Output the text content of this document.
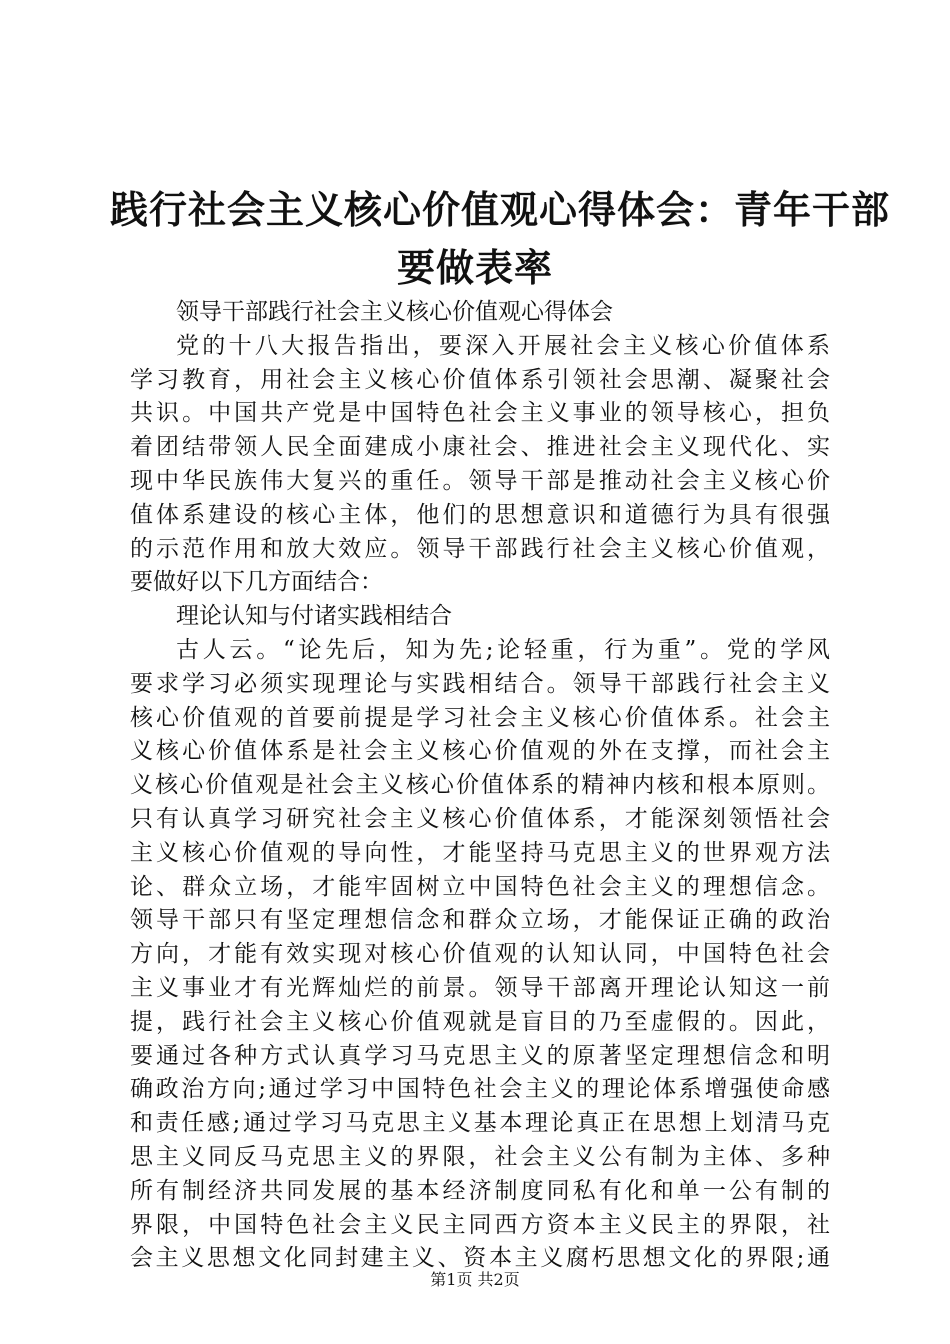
践行社会主义核心价值观心得体会：青年干部
要做表率
领导干部践行社会主义核心价值观心得体会
党的十八大报告指出，要深入开展社会主义核心价值体系
学习教育，用社会主义核心价值体系引领社会思潮、凝聚社会
共识。中国共产党是中国特色社会主义事业的领导核心，担负
着团结带领人民全面建成小康社会、推进社会主义现代化、实
现中华民族伟大复兴的重任。领导干部是推动社会主义核心价
值体系建设的核心主体，他们的思想意识和道德行为具有很强
的示范作用和放大效应。领导干部践行社会主义核心价值观，
要做好以下几方面结合：
理论认知与付诸实践相结合
古人云。“论先后，知为先;论轻重，行为重”。党的学风
要求学习必须实现理论与实践相结合。领导干部践行社会主义
核心价值观的首要前提是学习社会主义核心价值体系。社会主
义核心价值体系是社会主义核心价值观的外在支撑，而社会主
义核心价值观是社会主义核心价值体系的精神内核和根本原则。
只有认真学习研究社会主义核心价值体系，才能深刻领悟社会
主义核心价值观的导向性，才能坚持马克思主义的世界观方法
论、群众立场，才能牢固树立中国特色社会主义的理想信念。
领导干部只有坚定理想信念和群众立场，才能保证正确的政治
方向，才能有效实现对核心价值观的认知认同，中国特色社会
主义事业才有光辉灿烂的前景。领导干部离开理论认知这一前
提，践行社会主义核心价值观就是盲目的乃至虚假的。因此，
要通过各种方式认真学习马克思主义的原著坚定理想信念和明
确政治方向;通过学习中国特色社会主义的理论体系增强使命感
和责任感;通过学习马克思主义基本理论真正在思想上划清马克
思主义同反马克思主义的界限，社会主义公有制为主体、多种
所有制经济共同发展的基本经济制度同私有化和单一公有制的
界限，中国特色社会主义民主同西方资本主义民主的界限，社
会主义思想文化同封建主义、资本主义腐朽思想文化的界限;通
第1页 共2页
